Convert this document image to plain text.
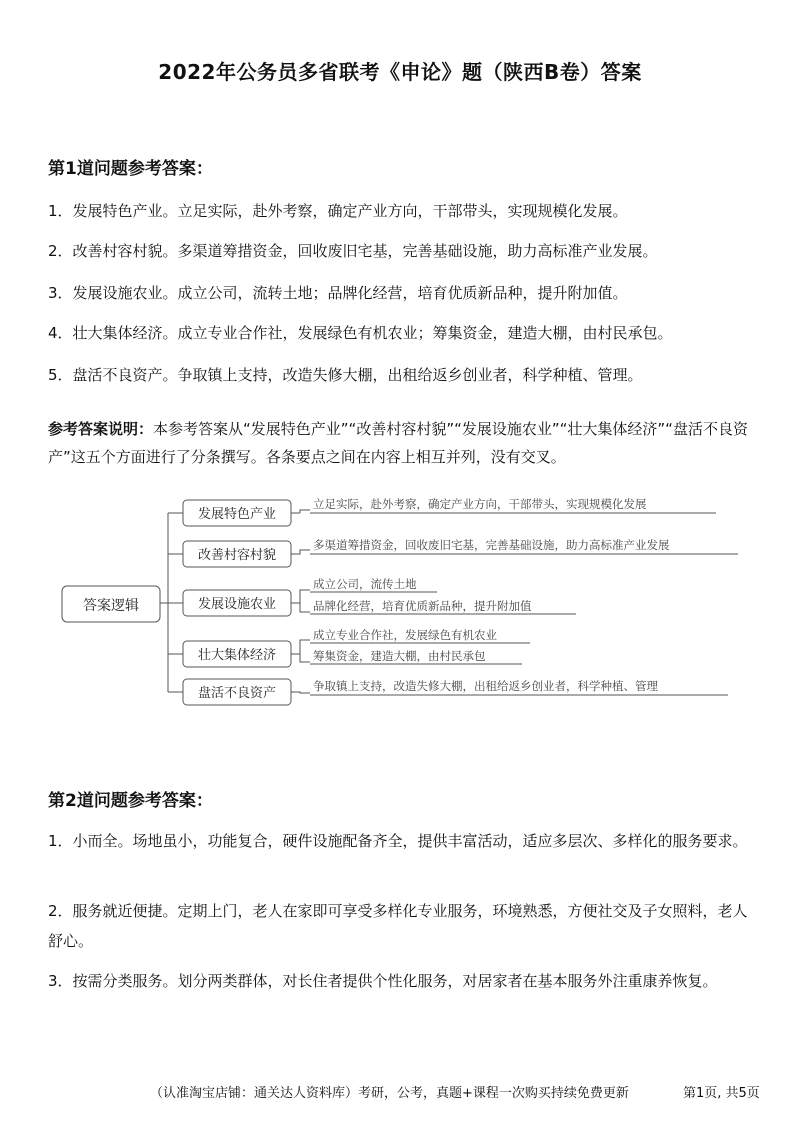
2022年公务员多省联考《申论》题（陕西B卷）答案
第1道问题参考答案：
1．发展特色产业。立足实际，赴外考察，确定产业方向，干部带头，实现规模化发展。
2．改善村容村貌。多渠道筹措资金，回收废旧宅基，完善基础设施，助力高标准产业发展。
3．发展设施农业。成立公司，流转土地；品牌化经营，培育优质新品种，提升附加值。
4．壮大集体经济。成立专业合作社，发展绿色有机农业；筹集资金，建造大棚，由村民承包。
5．盘活不良资产。争取镇上支持，改造失修大棚，出租给返乡创业者，科学种植、管理。
参考答案说明：本参考答案从“发展特色产业”“改善村容村貌”“发展设施农业”“壮大集体经济”“盘活不良资产”这五个方面进行了分条撰写。各条要点之间在内容上相互并列，没有交叉。
答案逻辑
发展特色产业
改善村容村貌
发展设施农业
壮大集体经济
盘活不良资产
立足实际，赴外考察，确定产业方向，干部带头，实现规模化发展
多渠道筹措资金，回收废旧宅基，完善基础设施，助力高标准产业发展
成立公司，流传土地
品牌化经营，培育优质新品种，提升附加值
成立专业合作社，发展绿色有机农业
筹集资金，建造大棚，由村民承包
争取镇上支持，改造失修大棚，出租给返乡创业者，科学种植、管理
第2道问题参考答案：
1．小而全。场地虽小，功能复合，硬件设施配备齐全，提供丰富活动，适应多层次、多样化的服务要求。
2．服务就近便捷。定期上门，老人在家即可享受多样化专业服务，环境熟悉，方便社交及子女照料，老人舒心。
3．按需分类服务。划分两类群体，对长住者提供个性化服务，对居家者在基本服务外注重康养恢复。
（认准淘宝店铺：通关达人资料库）考研，公考，真题+课程一次购买持续免费更新	第1页, 共5页
